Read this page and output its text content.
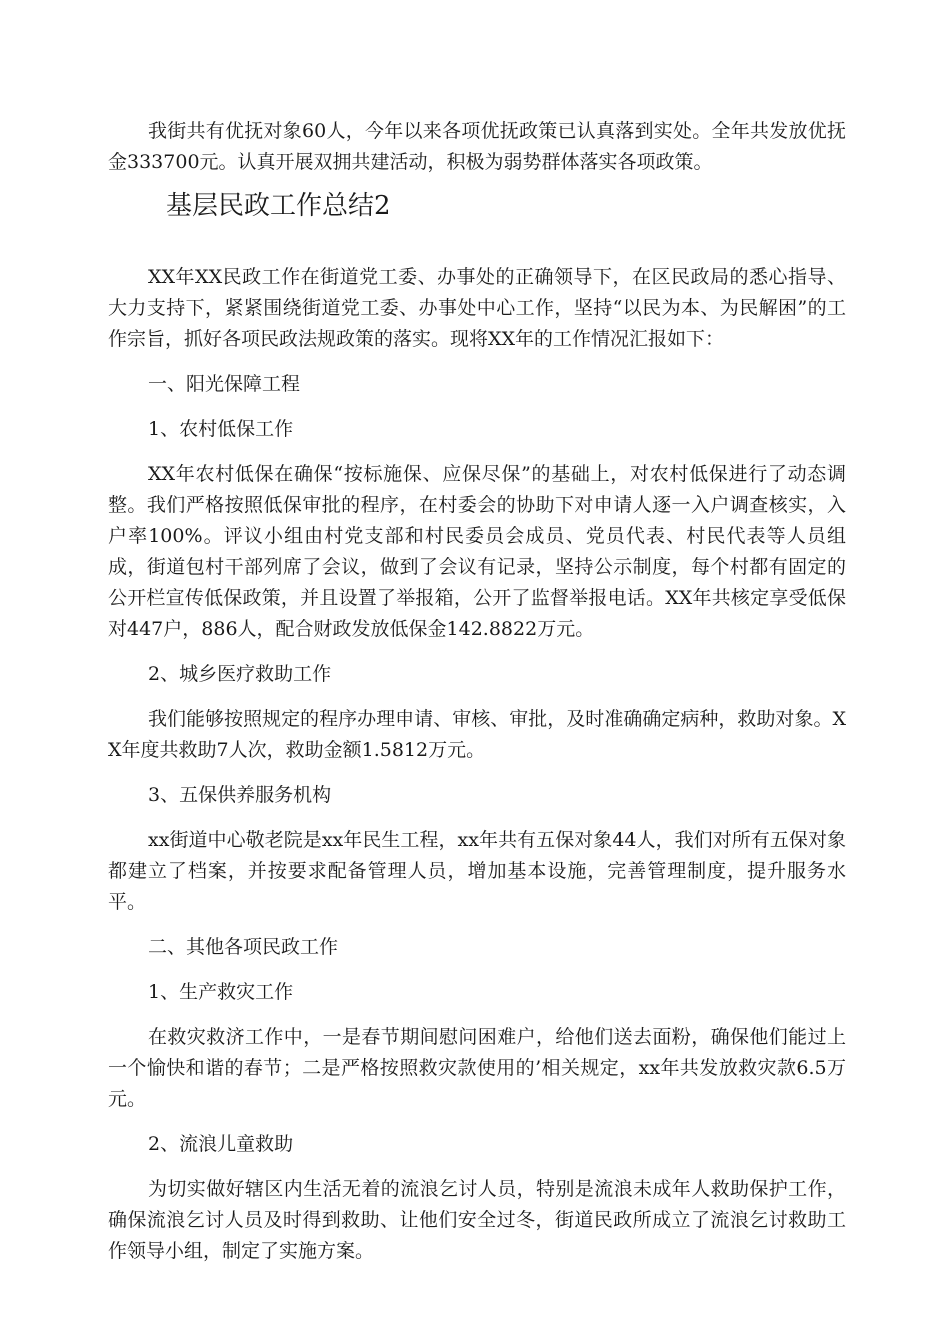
我街共有优抚对象60人，今年以来各项优抚政策已认真落到实处。全年共发放优抚金333700元。认真开展双拥共建活动，积极为弱势群体落实各项政策。

基层民政工作总结2

XX年XX民政工作在街道党工委、办事处的正确领导下，在区民政局的悉心指导、大力支持下，紧紧围绕街道党工委、办事处中心工作，坚持“以民为本、为民解困”的工作宗旨，抓好各项民政法规政策的落实。现将XX年的工作情况汇报如下：

一、阳光保障工程

1、农村低保工作

XX年农村低保在确保“按标施保、应保尽保”的基础上，对农村低保进行了动态调整。我们严格按照低保审批的程序，在村委会的协助下对申请人逐一入户调查核实，入户率100%。评议小组由村党支部和村民委员会成员、党员代表、村民代表等人员组成，街道包村干部列席了会议，做到了会议有记录，坚持公示制度，每个村都有固定的公开栏宣传低保政策，并且设置了举报箱，公开了监督举报电话。XX年共核定享受低保对447户，886人，配合财政发放低保金142.8822万元。

2、城乡医疗救助工作

我们能够按照规定的程序办理申请、审核、审批，及时准确确定病种，救助对象。XX年度共救助7人次，救助金额1.5812万元。

3、五保供养服务机构

xx街道中心敬老院是xx年民生工程，xx年共有五保对象44人，我们对所有五保对象都建立了档案，并按要求配备管理人员，增加基本设施，完善管理制度，提升服务水平。

二、其他各项民政工作

1、生产救灾工作

在救灾救济工作中，一是春节期间慰问困难户，给他们送去面粉，确保他们能过上一个愉快和谐的春节；二是严格按照救灾款使用的’相关规定，xx年共发放救灾款6.5万元。

2、流浪儿童救助

为切实做好辖区内生活无着的流浪乞讨人员，特别是流浪未成年人救助保护工作，确保流浪乞讨人员及时得到救助、让他们安全过冬，街道民政所成立了流浪乞讨救助工作领导小组，制定了实施方案。
